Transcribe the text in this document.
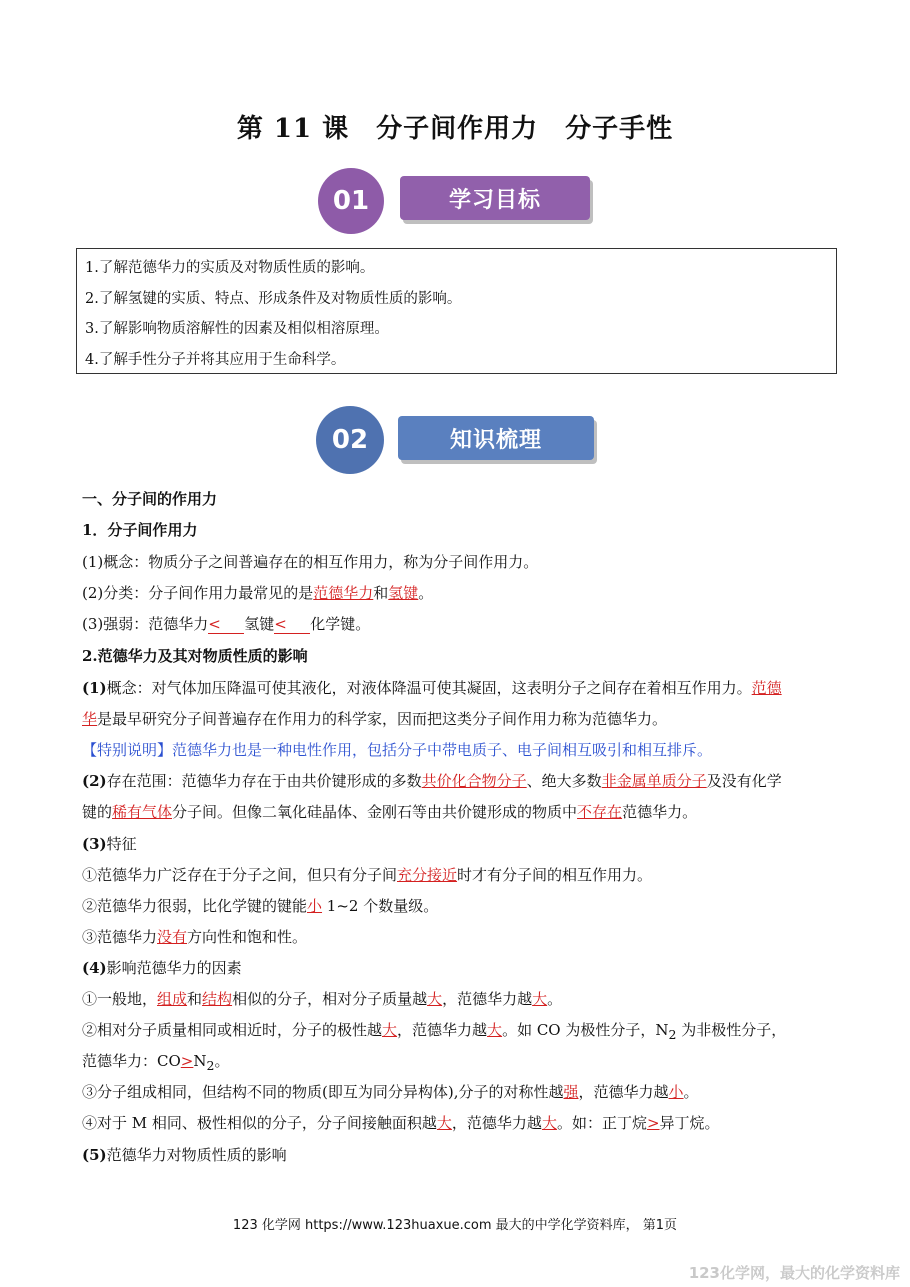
第 11 课　分子间作用力　分子手性
01	学习目标
1.了解范德华力的实质及对物质性质的影响。
2.了解氢键的实质、特点、形成条件及对物质性质的影响。
3.了解影响物质溶解性的因素及相似相溶原理。
4.了解手性分子并将其应用于生命科学。
02	知识梳理
一、分子间的作用力
1．分子间作用力
(1)概念：物质分子之间普遍存在的相互作用力，称为分子间作用力。
(2)分类：分子间作用力最常见的是范德华力和氢键。
(3)强弱：范德华力< 氢键< 化学键。
2.范德华力及其对物质性质的影响
(1)概念：对气体加压降温可使其液化，对液体降温可使其凝固，这表明分子之间存在着相互作用力。范德
华是最早研究分子间普遍存在作用力的科学家，因而把这类分子间作用力称为范德华力。
【特别说明】范德华力也是一种电性作用，包括分子中带电质子、电子间相互吸引和相互排斥。
(2)存在范围：范德华力存在于由共价键形成的多数共价化合物分子、绝大多数非金属单质分子及没有化学
键的稀有气体分子间。但像二氧化硅晶体、金刚石等由共价键形成的物质中不存在范德华力。
(3)特征
①范德华力广泛存在于分子之间，但只有分子间充分接近时才有分子间的相互作用力。
②范德华力很弱，比化学键的键能小 1~2 个数量级。
③范德华力没有方向性和饱和性。
(4)影响范德华力的因素
①一般地，组成和结构相似的分子，相对分子质量越大，范德华力越大。
②相对分子质量相同或相近时，分子的极性越大，范德华力越大。如 CO 为极性分子，$N_2$ 为非极性分子，
范德华力：$CO>N_2$。
③分子组成相同，但结构不同的物质(即互为同分异构体),分子的对称性越强，范德华力越小。
④对于 M 相同、极性相似的分子，分子间接触面积越大，范德华力越大。如：正丁烷>异丁烷。
(5)范德华力对物质性质的影响
123 化学网 https://www.123huaxue.com 最大的中学化学资料库， 第1页
123化学网，最大的化学资料库
